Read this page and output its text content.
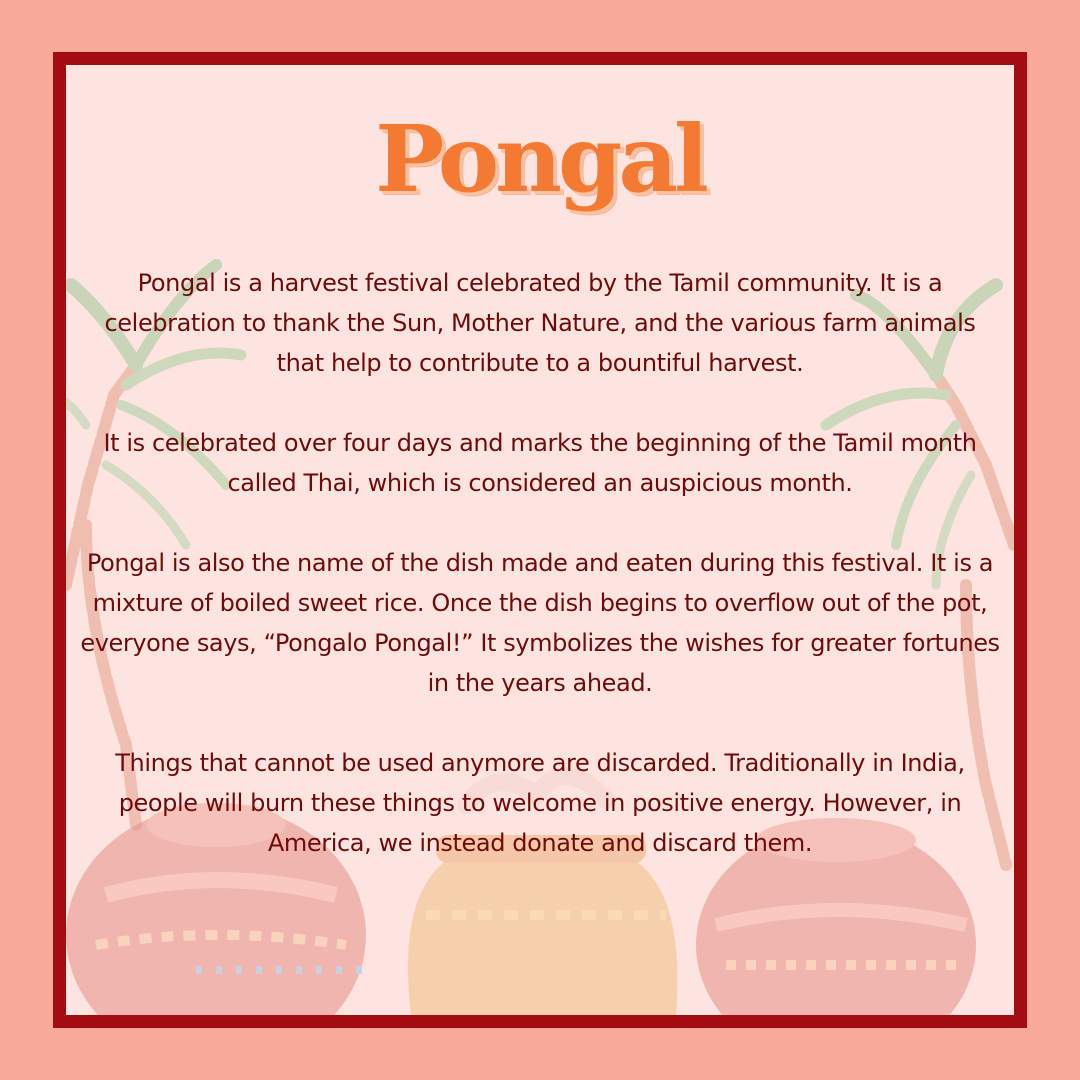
Pongal

Pongal is a harvest festival celebrated by the Tamil community. It is a celebration to thank the Sun, Mother Nature, and the various farm animals that help to contribute to a bountiful harvest.

It is celebrated over four days and marks the beginning of the Tamil month called Thai, which is considered an auspicious month.

Pongal is also the name of the dish made and eaten during this festival. It is a mixture of boiled sweet rice. Once the dish begins to overflow out of the pot, everyone says, “Pongalo Pongal!” It symbolizes the wishes for greater fortunes in the years ahead.

Things that cannot be used anymore are discarded. Traditionally in India, people will burn these things to welcome in positive energy. However, in America, we instead donate and discard them.
